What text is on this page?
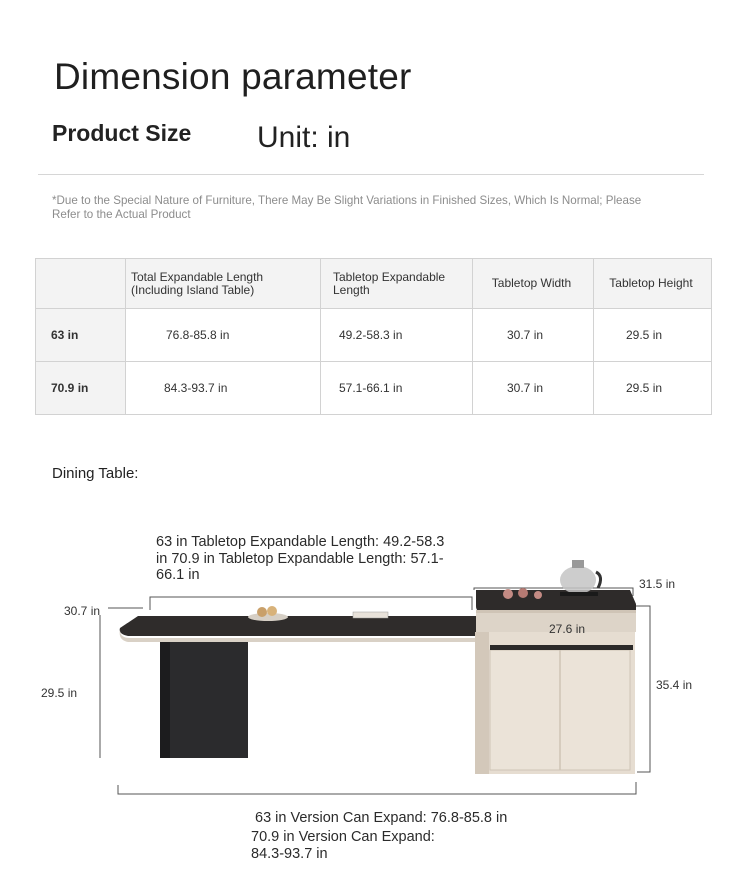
Dimension parameter
Product Size Unit: in
*Due to the Special Nature of Furniture, There May Be Slight Variations in Finished Sizes, Which Is Normal; Please Refer to the Actual Product
	Total Expandable Length (Including Island Table)	Tabletop Expandable Length	Tabletop Width	Tabletop Height
63 in	76.8-85.8 in	49.2-58.3 in	30.7 in	29.5 in
70.9 in	84.3-93.7 in	57.1-66.1 in	30.7 in	29.5 in
Dining Table:
63 in Tabletop Expandable Length: 49.2-58.3 in 70.9 in Tabletop Expandable Length: 57.1-66.1 in
30.7 in
29.5 in
31.5 in
27.6 in
35.4 in
63 in Version Can Expand: 76.8-85.8 in
70.9 in Version Can Expand: 84.3-93.7 in
